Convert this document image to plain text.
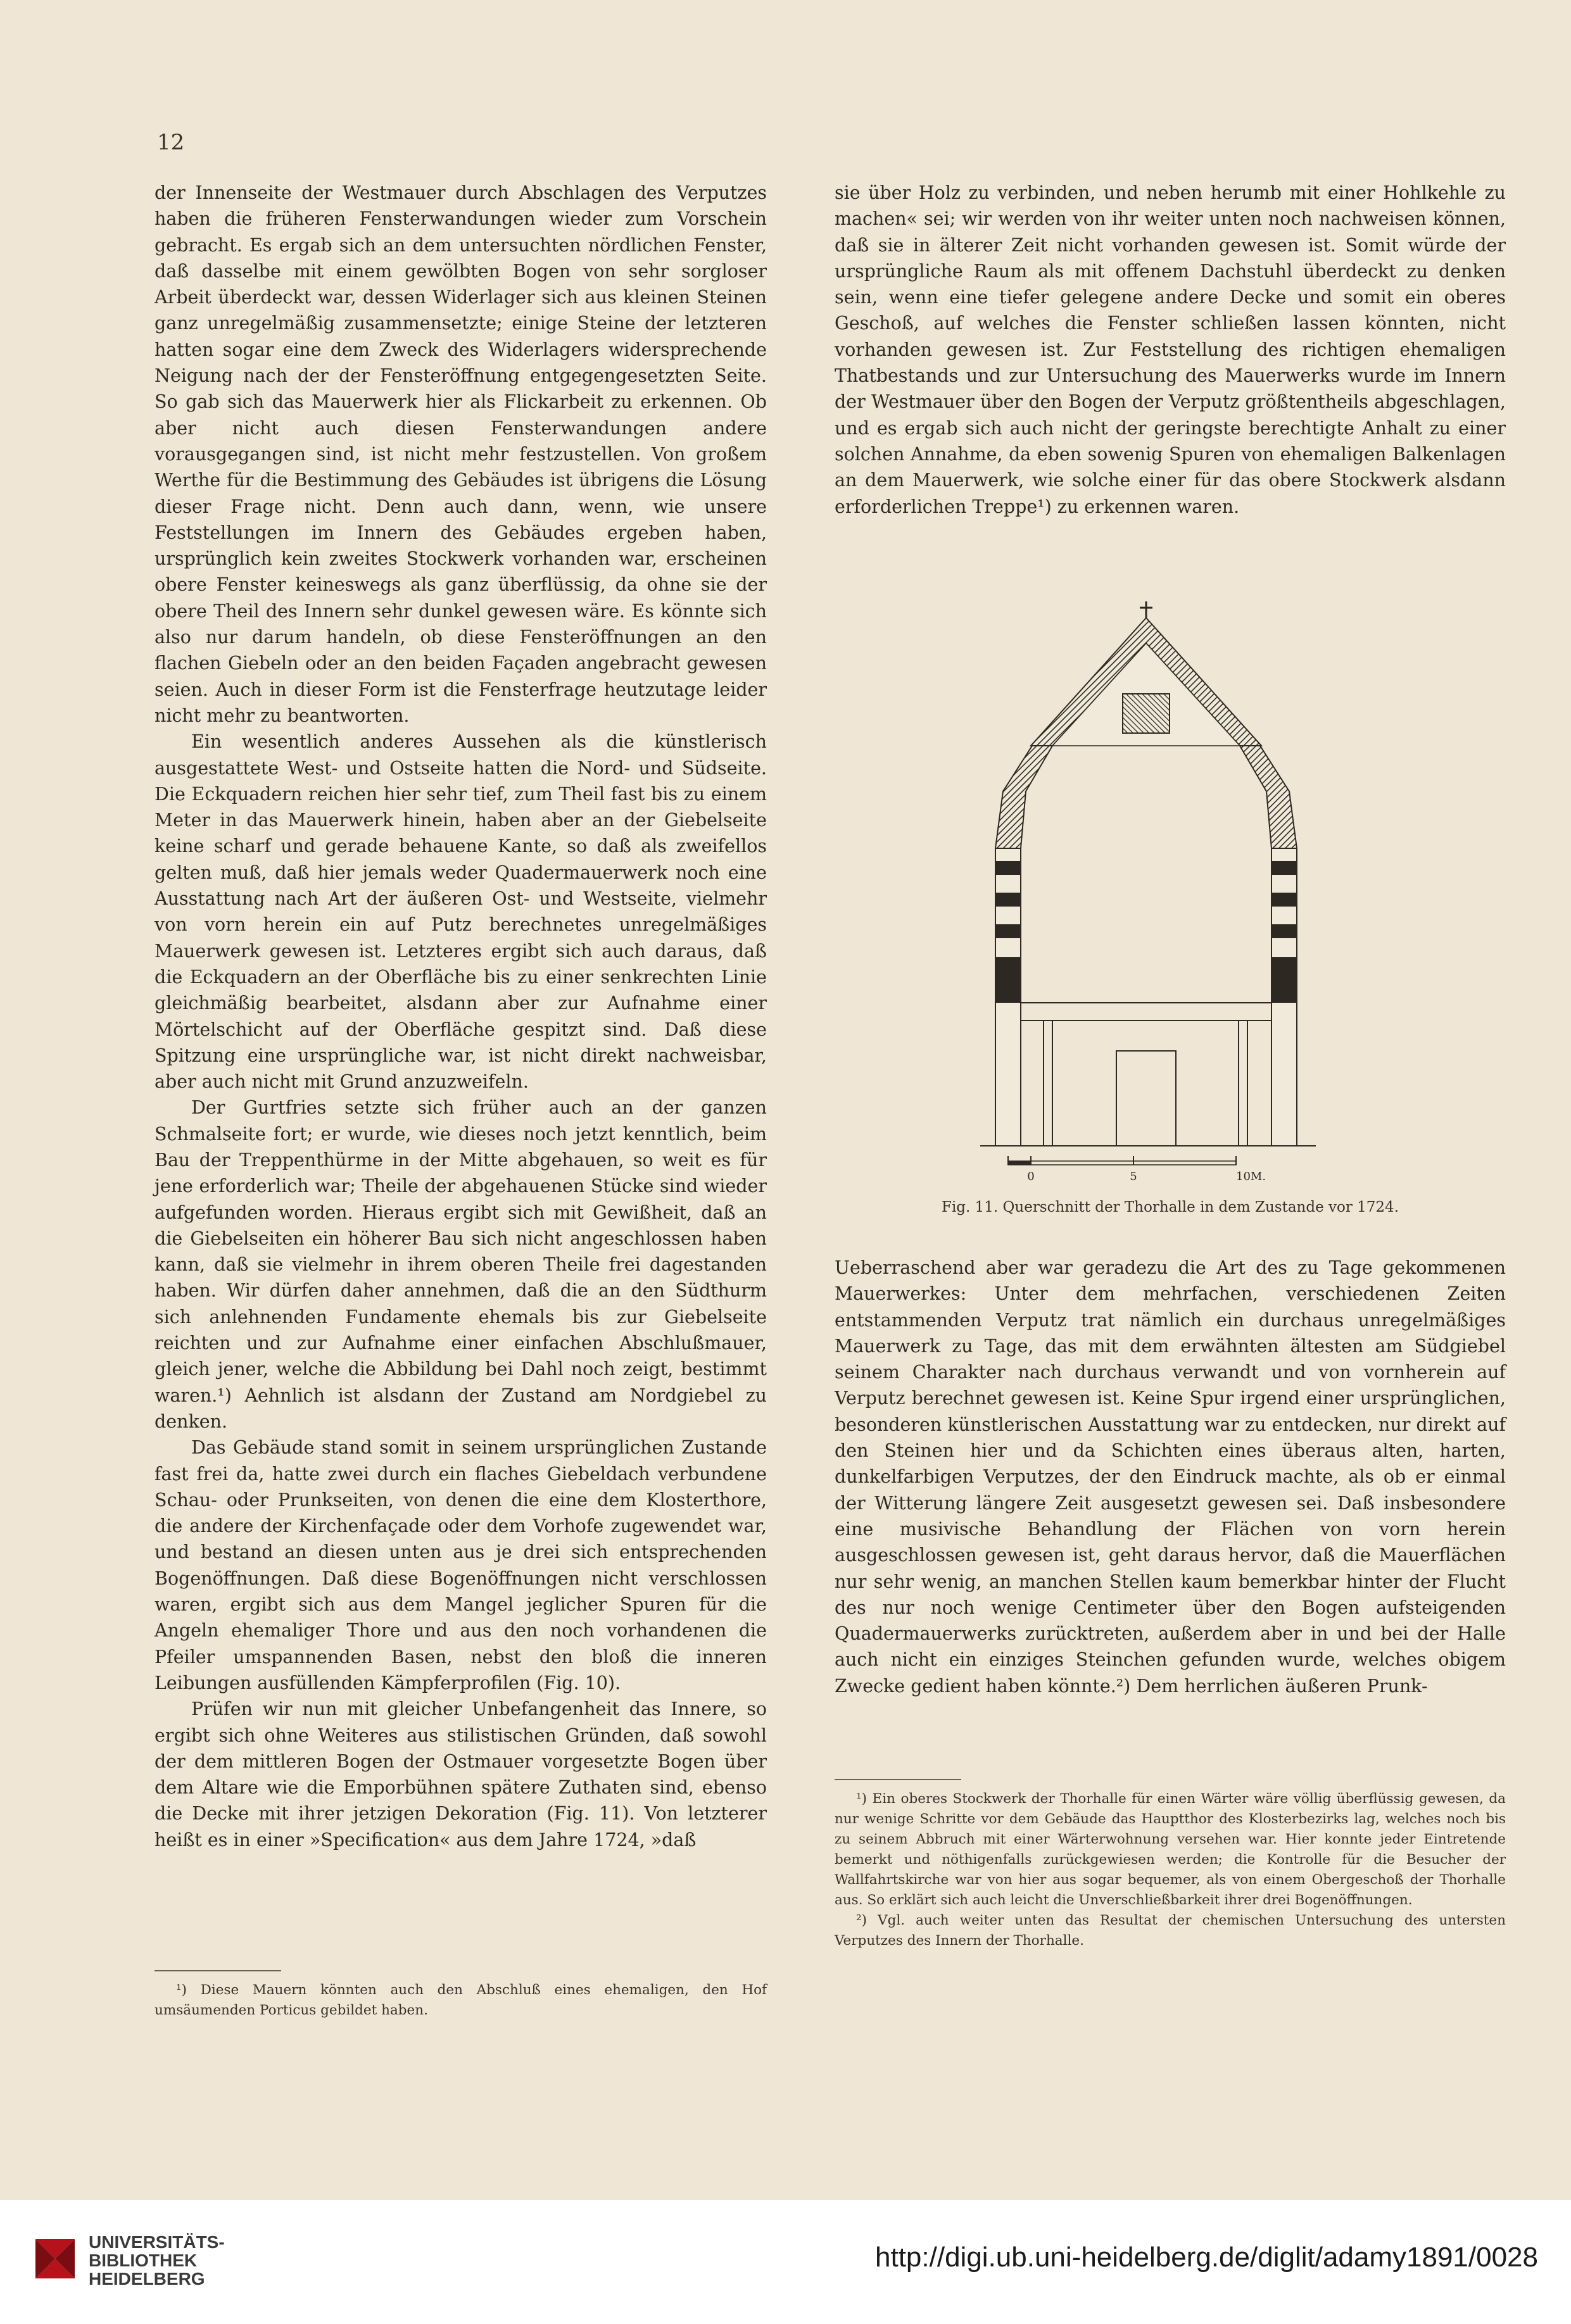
12

der Innenseite der Westmauer durch Abschlagen des Verputzes haben die früheren Fensterwandungen wieder zum Vorschein gebracht. Es ergab sich an dem untersuchten nördlichen Fenster, daß dasselbe mit einem gewölbten Bogen von sehr sorgloser Arbeit überdeckt war, dessen Widerlager sich aus kleinen Steinen ganz unregelmäßig zusammensetzte; einige Steine der letzteren hatten sogar eine dem Zweck des Widerlagers widersprechende Neigung nach der der Fensteröffnung entgegengesetzten Seite. So gab sich das Mauerwerk hier als Flickarbeit zu erkennen. Ob aber nicht auch diesen Fensterwandungen andere vorausgegangen sind, ist nicht mehr festzustellen. Von großem Werthe für die Bestimmung des Gebäudes ist übrigens die Lösung dieser Frage nicht. Denn auch dann, wenn, wie unsere Feststellungen im Innern des Gebäudes ergeben haben, ursprünglich kein zweites Stockwerk vorhanden war, erscheinen obere Fenster keineswegs als ganz überflüssig, da ohne sie der obere Theil des Innern sehr dunkel gewesen wäre. Es könnte sich also nur darum handeln, ob diese Fensteröffnungen an den flachen Giebeln oder an den beiden Façaden angebracht gewesen seien. Auch in dieser Form ist die Fensterfrage heutzutage leider nicht mehr zu beantworten.

Ein wesentlich anderes Aussehen als die künstlerisch ausgestattete West- und Ostseite hatten die Nord- und Südseite. Die Eckquadern reichen hier sehr tief, zum Theil fast bis zu einem Meter in das Mauerwerk hinein, haben aber an der Giebelseite keine scharf und gerade behauene Kante, so daß als zweifellos gelten muß, daß hier jemals weder Quadermauerwerk noch eine Ausstattung nach Art der äußeren Ost- und Westseite, vielmehr von vorn herein ein auf Putz berechnetes unregelmäßiges Mauerwerk gewesen ist. Letzteres ergibt sich auch daraus, daß die Eckquadern an der Oberfläche bis zu einer senkrechten Linie gleichmäßig bearbeitet, alsdann aber zur Aufnahme einer Mörtelschicht auf der Oberfläche gespitzt sind. Daß diese Spitzung eine ursprüngliche war, ist nicht direkt nachweisbar, aber auch nicht mit Grund anzuzweifeln.

Der Gurtfries setzte sich früher auch an der ganzen Schmalseite fort; er wurde, wie dieses noch jetzt kenntlich, beim Bau der Treppenthürme in der Mitte abgehauen, so weit es für jene erforderlich war; Theile der abgehauenen Stücke sind wieder aufgefunden worden. Hieraus ergibt sich mit Gewißheit, daß an die Giebelseiten ein höherer Bau sich nicht angeschlossen haben kann, daß sie vielmehr in ihrem oberen Theile frei dagestanden haben. Wir dürfen daher annehmen, daß die an den Südthurm sich anlehnenden Fundamente ehemals bis zur Giebelseite reichten und zur Aufnahme einer einfachen Abschlußmauer, gleich jener, welche die Abbildung bei Dahl noch zeigt, bestimmt waren.¹) Aehnlich ist alsdann der Zustand am Nordgiebel zu denken.

Das Gebäude stand somit in seinem ursprünglichen Zustande fast frei da, hatte zwei durch ein flaches Giebeldach verbundene Schau- oder Prunkseiten, von denen die eine dem Klosterthore, die andere der Kirchenfaçade oder dem Vorhofe zugewendet war, und bestand an diesen unten aus je drei sich entsprechenden Bogenöffnungen. Daß diese Bogenöffnungen nicht verschlossen waren, ergibt sich aus dem Mangel jeglicher Spuren für die Angeln ehemaliger Thore und aus den noch vorhandenen die Pfeiler umspannenden Basen, nebst den bloß die inneren Leibungen ausfüllenden Kämpferprofilen (Fig. 10).

Prüfen wir nun mit gleicher Unbefangenheit das Innere, so ergibt sich ohne Weiteres aus stilistischen Gründen, daß sowohl der dem mittleren Bogen der Ostmauer vorgesetzte Bogen über dem Altare wie die Emporbühnen spätere Zuthaten sind, ebenso die Decke mit ihrer jetzigen Dekoration (Fig. 11). Von letzterer heißt es in einer »Specification« aus dem Jahre 1724, »daß

¹) Diese Mauern könnten auch den Abschluß eines ehemaligen, den Hof umsäumenden Porticus gebildet haben.

sie über Holz zu verbinden, und neben herumb mit einer Hohlkehle zu machen« sei; wir werden von ihr weiter unten noch nachweisen können, daß sie in älterer Zeit nicht vorhanden gewesen ist. Somit würde der ursprüngliche Raum als mit offenem Dachstuhl überdeckt zu denken sein, wenn eine tiefer gelegene andere Decke und somit ein oberes Geschoß, auf welches die Fenster schließen lassen könnten, nicht vorhanden gewesen ist. Zur Feststellung des richtigen ehemaligen Thatbestands und zur Untersuchung des Mauerwerks wurde im Innern der Westmauer über den Bogen der Verputz größtentheils abgeschlagen, und es ergab sich auch nicht der geringste berechtigte Anhalt zu einer solchen Annahme, da eben sowenig Spuren von ehemaligen Balkenlagen an dem Mauerwerk, wie solche einer für das obere Stockwerk alsdann erforderlichen Treppe¹) zu erkennen waren.

0	5	10M.
Fig. 11. Querschnitt der Thorhalle in dem Zustande vor 1724.

Ueberraschend aber war geradezu die Art des zu Tage gekommenen Mauerwerkes: Unter dem mehrfachen, verschiedenen Zeiten entstammenden Verputz trat nämlich ein durchaus unregelmäßiges Mauerwerk zu Tage, das mit dem erwähnten ältesten am Südgiebel seinem Charakter nach durchaus verwandt und von vornherein auf Verputz berechnet gewesen ist. Keine Spur irgend einer ursprünglichen, besonderen künstlerischen Ausstattung war zu entdecken, nur direkt auf den Steinen hier und da Schichten eines überaus alten, harten, dunkelfarbigen Verputzes, der den Eindruck machte, als ob er einmal der Witterung längere Zeit ausgesetzt gewesen sei. Daß insbesondere eine musivische Behandlung der Flächen von vorn herein ausgeschlossen gewesen ist, geht daraus hervor, daß die Mauerflächen nur sehr wenig, an manchen Stellen kaum bemerkbar hinter der Flucht des nur noch wenige Centimeter über den Bogen aufsteigenden Quadermauerwerks zurücktreten, außerdem aber in und bei der Halle auch nicht ein einziges Steinchen gefunden wurde, welches obigem Zwecke gedient haben könnte.²) Dem herrlichen äußeren Prunk-

¹) Ein oberes Stockwerk der Thorhalle für einen Wärter wäre völlig überflüssig gewesen, da nur wenige Schritte vor dem Gebäude das Hauptthor des Klosterbezirks lag, welches noch bis zu seinem Abbruch mit einer Wärterwohnung versehen war. Hier konnte jeder Eintretende bemerkt und nöthigenfalls zurückgewiesen werden; die Kontrolle für die Besucher der Wallfahrtskirche war von hier aus sogar bequemer, als von einem Obergeschoß der Thorhalle aus. So erklärt sich auch leicht die Unverschließbarkeit ihrer drei Bogenöffnungen.

²) Vgl. auch weiter unten das Resultat der chemischen Untersuchung des untersten Verputzes des Innern der Thorhalle.

UNIVERSITÄTS-
BIBLIOTHEK
HEIDELBERG
http://digi.ub.uni-heidelberg.de/diglit/adamy1891/0028
